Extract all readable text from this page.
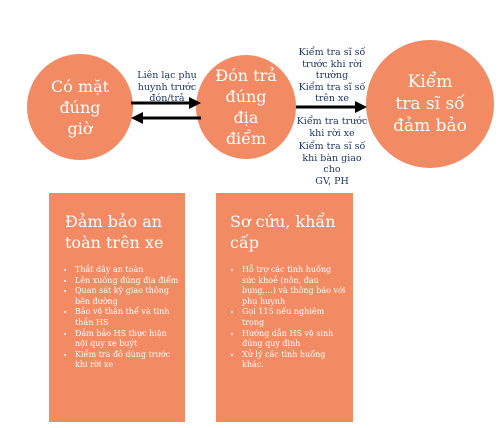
Có mặt
đúng
giờ
Đón trả
đúng
địa
điểm
Kiểm
tra sĩ số
đảm bảo
Liên lạc phụ
huynh trước
đón/trả
Kiểm tra sĩ số
trước khi rời
trường
Kiểm tra sĩ số
trên xe
Kiểm tra trước
khi rời xe
Kiểm tra sĩ số
khi bàn giao cho
GV, PH
Đảm bảo an
toàn trên xe
• Thắt dây an toàn
• Lên xuống đúng địa điểm
• Quan sát kỹ giao thông bên đường
• Bảo vệ thân thể và tinh thần HS
• Đảm bảo HS thực hiện nội quy xe buýt
• Kiểm tra đồ dùng trước khi rời xe
Sơ cứu, khẩn
cấp
• Hỗ trợ các tình huống sức khoẻ (nôn, đau bụng,...) và thông báo với phụ huynh
• Gọi 115 nếu nghiêm trọng
• Hướng dẫn HS vệ sinh đúng quy định
• Xử lý các tình huống khác.
